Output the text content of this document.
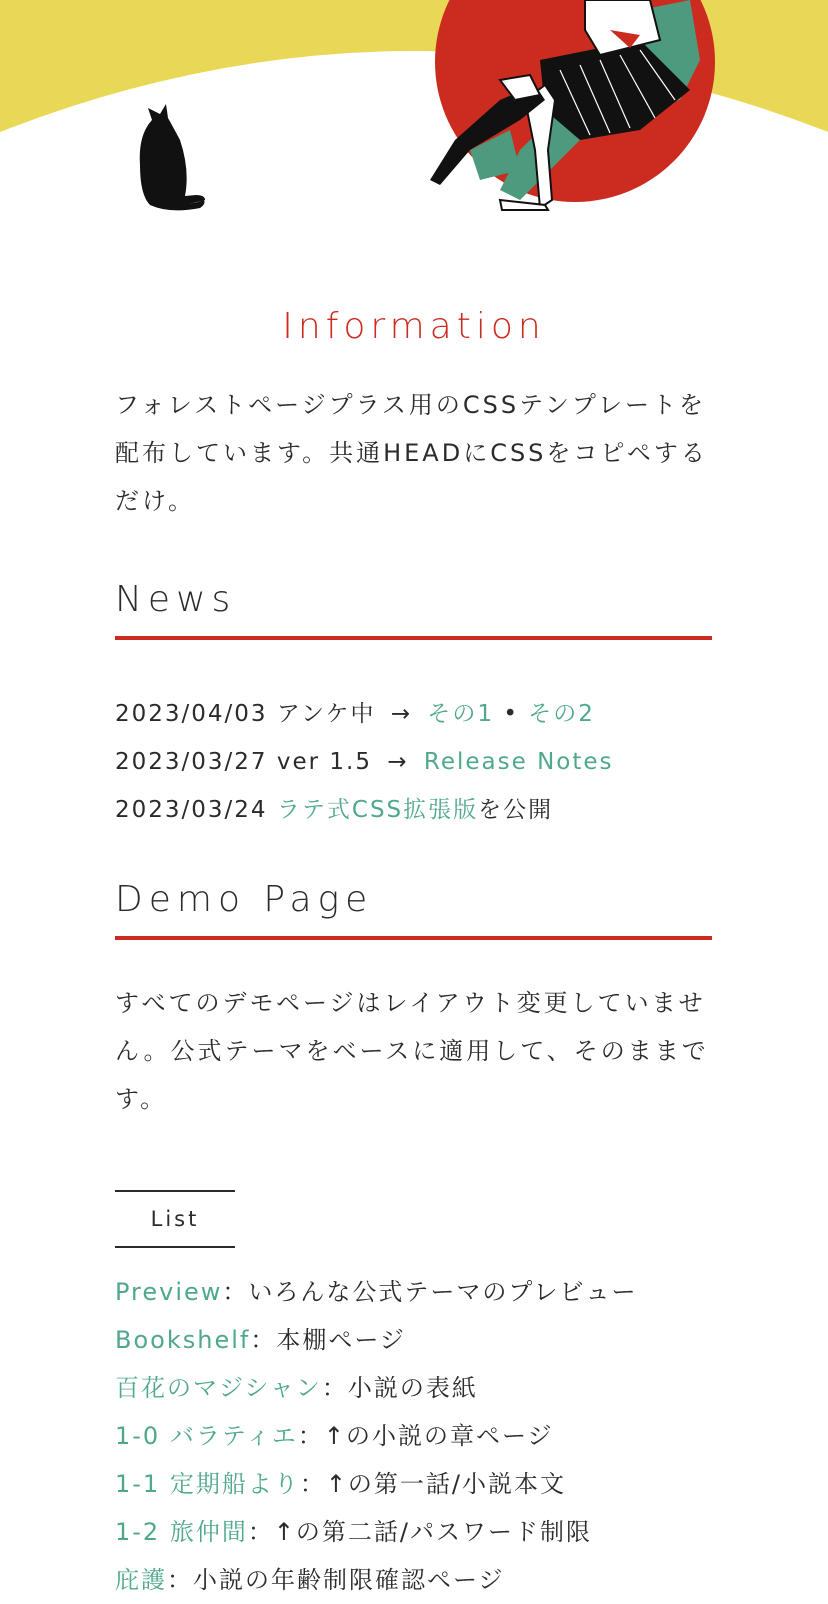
Information
フォレストページプラス用のCSSテンプレートを配布しています。共通HEADにCSSをコピペするだけ。
News
2023/04/03 アンケ中 → その1 • その2
2023/03/27 ver 1.5 → Release Notes
2023/03/24 ラテ式CSS拡張版を公開
Demo Page
すべてのデモページはレイアウト変更していません。公式テーマをベースに適用して、そのままです。
List
Preview：いろんな公式テーマのプレビュー
Bookshelf：本棚ページ
百花のマジシャン：小説の表紙
1-0 バラティエ：↑の小説の章ページ
1-1 定期船より：↑の第一話/小説本文
1-2 旅仲間：↑の第二話/パスワード制限
庇護：小説の年齢制限確認ページ
